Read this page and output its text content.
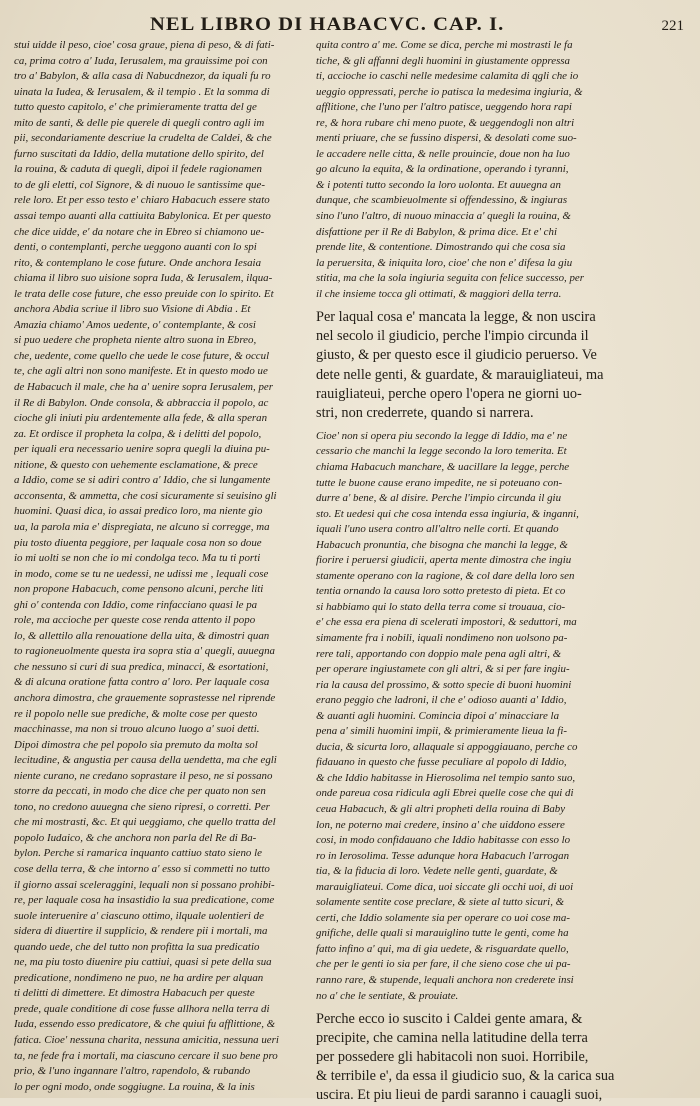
NEL LIBRO DI HABACVC. CAP. I.	221
stui uidde il peso, cioe' cosa graue, piena di peso, & di fati-
ca, prima cotro a' Iuda, Ierusalem, ma grauissime poi con
tro a' Babylon, & alla casa di Nabucdnezor, da iquali fu ro
uinata la Iudea, & Ierusalem, & il tempio . Et la somma di
tutto questo capitolo, e' che primieramente tratta del ge
mito de santi, & delle pie querele di quegli contro agli im
pii, secondariamente descriue la crudelta de Caldei, & che
furno suscitati da Iddio, della mutatione dello spirito, del
la rouina, & caduta di quegli, dipoi il fedele ragionamen
to de gli eletti, col Signore, & di nuouo le santissime que-
rele loro. Et per esso testo e' chiaro Habacuch essere stato
assai tempo auanti alla cattiuita Babylonica. Et per questo
che dice uidde, e' da notare che in Ebreo si chiamono ue-
denti, o contemplanti, perche ueggono auanti con lo spi
rito, & contemplano le cose future. Onde anchora Iesaia
chiama il libro suo uisione sopra Iuda, & Ierusalem, ilqua-
le trata delle cose future, che esso preuide con lo spirito. Et
anchora Abdia scriue il libro suo Visione di Abdia . Et
Amazia chiamo' Amos uedente, o' contemplante, & cosi
si puo uedere che propheta niente altro suona in Ebreo,
che, uedente, come quello che uede le cose future, & occul
te, che agli altri non sono manifeste. Et in questo modo ue
de Habacuch il male, che ha a' uenire sopra Ierusalem, per
il Re di Babylon. Onde consola, & abbraccia il popolo, ac
cioche gli iniuti piu ardentemente alla fede, & alla speran
za. Et ordisce il propheta la colpa, & i delitti del popolo,
per iquali era necessario uenire sopra quegli la diuina pu-
nitione, & questo con uehemente esclamatione, & prece
a Iddio, come se si adiri contro a' Iddio, che si lungamente
acconsenta, & ammetta, che cosi sicuramente si seuisino gli
huomini. Quasi dica, io assai predico loro, ma niente gio
ua, la parola mia e' dispregiata, ne alcuno si corregge, ma
piu tosto diuenta peggiore, per laquale cosa non so doue
io mi uolti se non che io mi condolga teco. Ma tu ti porti
in modo, come se tu ne uedessi, ne udissi me , lequali cose
non propone Habacuch, come pensono alcuni, perche liti
ghi o' contenda con Iddio, come rinfacciano quasi le pa
role, ma accioche per queste cose renda attento il popo
lo, & allettilo alla renouatione della uita, & dimostri quan
to ragioneuolmente questa ira sopra stia a' quegli, auuegna
che nessuno si curi di sua predica, minacci, & esortationi,
& di alcuna oratione fatta contro a' loro. Per laquale cosa
anchora dimostra, che grauemente soprastesse nel riprende
re il popolo nelle sue prediche, & molte cose per questo
macchinasse, ma non si trouo alcuno luogo a' suoi detti.
Dipoi dimostra che pel popolo sia premuto da molta sol
lecitudine, & angustia per causa della uendetta, ma che egli
niente curano, ne credano soprastare il peso, ne si possano
storre da peccati, in modo che dice che per quato non sen
tono, no credono auuegna che sieno ripresi, o corretti. Per
che mi mostrasti, &c. Et qui ueggiamo, che quello tratta del
popolo Iudaico, & che anchora non parla del Re di Ba-
bylon. Perche si ramarica inquanto cattiuo stato sieno le
cose della terra, & che intorno a' esso si commetti no tutto
il giorno assai sceleraggini, lequali non si possano prohibi-
re, per laquale cosa ha insastidio la sua predicatione, come
suole interuenire a' ciascuno ottimo, ilquale uolentieri de
sidera di diuertire il supplicio, & rendere pii i mortali, ma
quando uede, che del tutto non profitta la sua predicatio
ne, ma piu tosto diuenire piu cattiui, quasi si pete della sua
predicatione, nondimeno ne puo, ne ha ardire per alquan
ti delitti di dimettere. Et dimostra Habacuch per queste
prede, quale conditione di cose fusse allhora nella terra di
Iuda, essendo esso predicatore, & che quiui fu afflittione, &
fatica. Cioe' nessuna charita, nessuna amicitia, nessuna ueri
ta, ne fede fra i mortali, ma ciascuno cercare il suo bene pro
prio, & l'uno ingannare l'altro, rapendolo, & rubando
lo per ogni modo, onde soggiugne. La rouina, & la inis
quita contro a' me. Come se dica, perche mi mostrasti le fa
tiche, & gli affanni degli huomini in giustamente oppressa
ti, accioche io caschi nelle medesime calamita di qgli che io
ueggio oppressati, perche io patisca la medesima ingiuria, &
afflitione, che l'uno per l'altro patisce, ueggendo hora rapi
re, & hora rubare chi meno puote, & ueggendogli non altri
menti priuare, che se fussino dispersi, & desolati come suo-
le accadere nelle citta, & nelle prouincie, doue non ha luo
go alcuno la equita, & la ordinatione, operando i tyranni,
& i potenti tutto secondo la loro uolonta. Et auuegna an
dunque, che scambieuolmente si offendessino, & ingiuras
sino l'uno l'altro, di nuouo minaccia a' quegli la rouina, &
disfattione per il Re di Babylon, & prima dice. Et e' chi
prende lite, & contentione. Dimostrando qui che cosa sia
la peruersita, & iniquita loro, cioe' che non e' difesa la giu
stitia, ma che la sola ingiuria seguita con felice successo, per
il che insieme tocca gli ottimati, & maggiori della terra.
Per laqual cosa e' mancata la legge, & non uscira
nel secolo il giudicio, perche l'impio circunda il
giusto, & per questo esce il giudicio peruerso. Ve
dete nelle genti, & guardate, & marauigliateui, ma
rauigliateui, perche opero l'opera ne giorni uo-
stri, non crederrete, quando si narrera.
Cioe' non si opera piu secondo la legge di Iddio, ma e' ne
cessario che manchi la legge secondo la loro temerita. Et
chiama Habacuch manchare, & uacillare la legge, perche
tutte le buone cause erano impedite, ne si poteuano con-
durre a' bene, & al disire. Perche l'impio circunda il giu
sto. Et uedesi qui che cosa intenda essa ingiuria, & inganni,
iquali l'uno usera contro all'altro nelle corti. Et quando
Habacuch pronuntia, che bisogna che manchi la legge, &
fiorire i peruersi giudicii, aperta mente dimostra che ingiu
stamente operano con la ragione, & col dare della loro sen
tentia ornando la causa loro sotto pretesto di pieta. Et co
si habbiamo qui lo stato della terra come si trouaua, cio-
e' che essa era piena di scelerati impostori, & seduttori, ma
simamente fra i nobili, iquali nondimeno non uolsono pa-
rere tali, apportando con doppio male pena agli altri, &
per operare ingiustamete con gli altri, & si per fare ingiu-
ria la causa del prossimo, & sotto specie di buoni huomini
erano peggio che ladroni, il che e' odioso auanti a' Iddio,
& auanti agli huomini. Comincia dipoi a' minacciare la
pena a' simili huomini impii, & primieramente lieua la fi-
ducia, & sicurta loro, allaquale si appoggiauano, perche co
fidauano in questo che fusse peculiare al popolo di Iddio,
& che Iddio habitasse in Hierosolima nel tempio santo suo,
onde pareua cosa ridicula agli Ebrei quelle cose che qui di
ceua Habacuch, & gli altri propheti della rouina di Baby
lon, ne poterno mai credere, insino a' che uiddono essere
cosi, in modo confidauano che Iddio habitasse con esso lo
ro in Ierosolima. Tesse adunque hora Habacuch l'arrogan
tia, & la fiducia di loro. Vedete nelle genti, guardate, &
marauigliateui. Come dica, uoi siccate gli occhi uoi, di uoi
solamente sentite cose preclare, & siete al tutto sicuri, &
certi, che Iddio solamente sia per operare co uoi cose ma-
gnifiche, delle quali si marauiglino tutte le genti, come ha
fatto infino a' qui, ma di gia uedete, & risguardate quello,
che per le genti io sia per fare, il che sieno cose che ui pa-
ranno rare, & stupende, lequali anchora non crederete insi
no a' che le sentiate, & prouiate.
Perche ecco io suscito i Caldei gente amara, &
precipite, che camina nella latitudine della terra
per possedere gli habitacoli non suoi. Horribile,
& terribile e', da essa il giudicio suo, & la carica sua
uscira. Et piu lieui de pardi saranno i cauagli suoi,
